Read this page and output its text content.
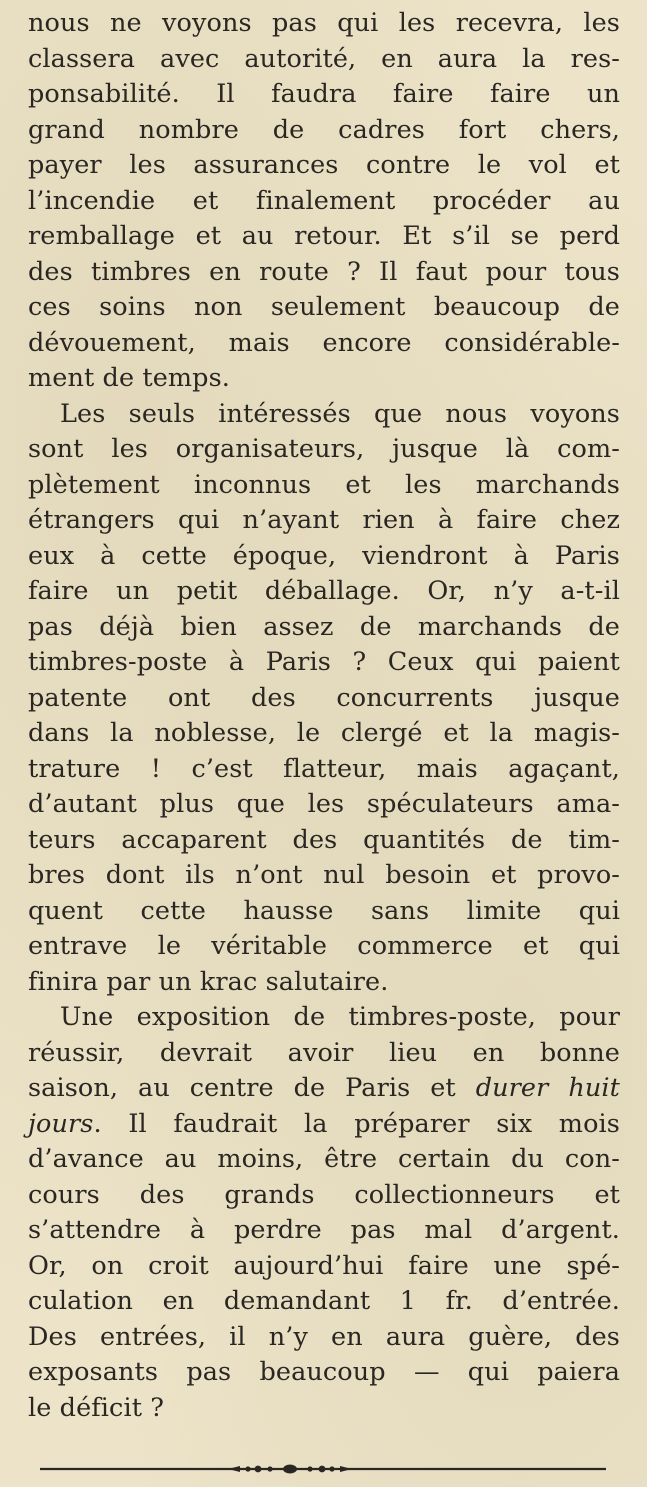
nous ne voyons pas qui les recevra, les
classera avec autorité, en aura la res-
ponsabilité. Il faudra faire faire un
grand nombre de cadres fort chers,
payer les assurances contre le vol et
l’incendie et finalement procéder au
remballage et au retour. Et s’il se perd
des timbres en route ? Il faut pour tous
ces soins non seulement beaucoup de
dévouement, mais encore considérable-
ment de temps.
Les seuls intéressés que nous voyons
sont les organisateurs, jusque là com-
plètement inconnus et les marchands
étrangers qui n’ayant rien à faire chez
eux à cette époque, viendront à Paris
faire un petit déballage. Or, n’y a-t-il
pas déjà bien assez de marchands de
timbres-poste à Paris ? Ceux qui paient
patente ont des concurrents jusque
dans la noblesse, le clergé et la magis-
trature ! c’est flatteur, mais agaçant,
d’autant plus que les spéculateurs ama-
teurs accaparent des quantités de tim-
bres dont ils n’ont nul besoin et provo-
quent cette hausse sans limite qui
entrave le véritable commerce et qui
finira par un krac salutaire.
Une exposition de timbres-poste, pour
réussir, devrait avoir lieu en bonne
saison, au centre de Paris et durer huit
jours. Il faudrait la préparer six mois
d’avance au moins, être certain du con-
cours des grands collectionneurs et
s’attendre à perdre pas mal d’argent.
Or, on croit aujourd’hui faire une spé-
culation en demandant 1 fr. d’entrée.
Des entrées, il n’y en aura guère, des
exposants pas beaucoup — qui paiera
le déficit ?
